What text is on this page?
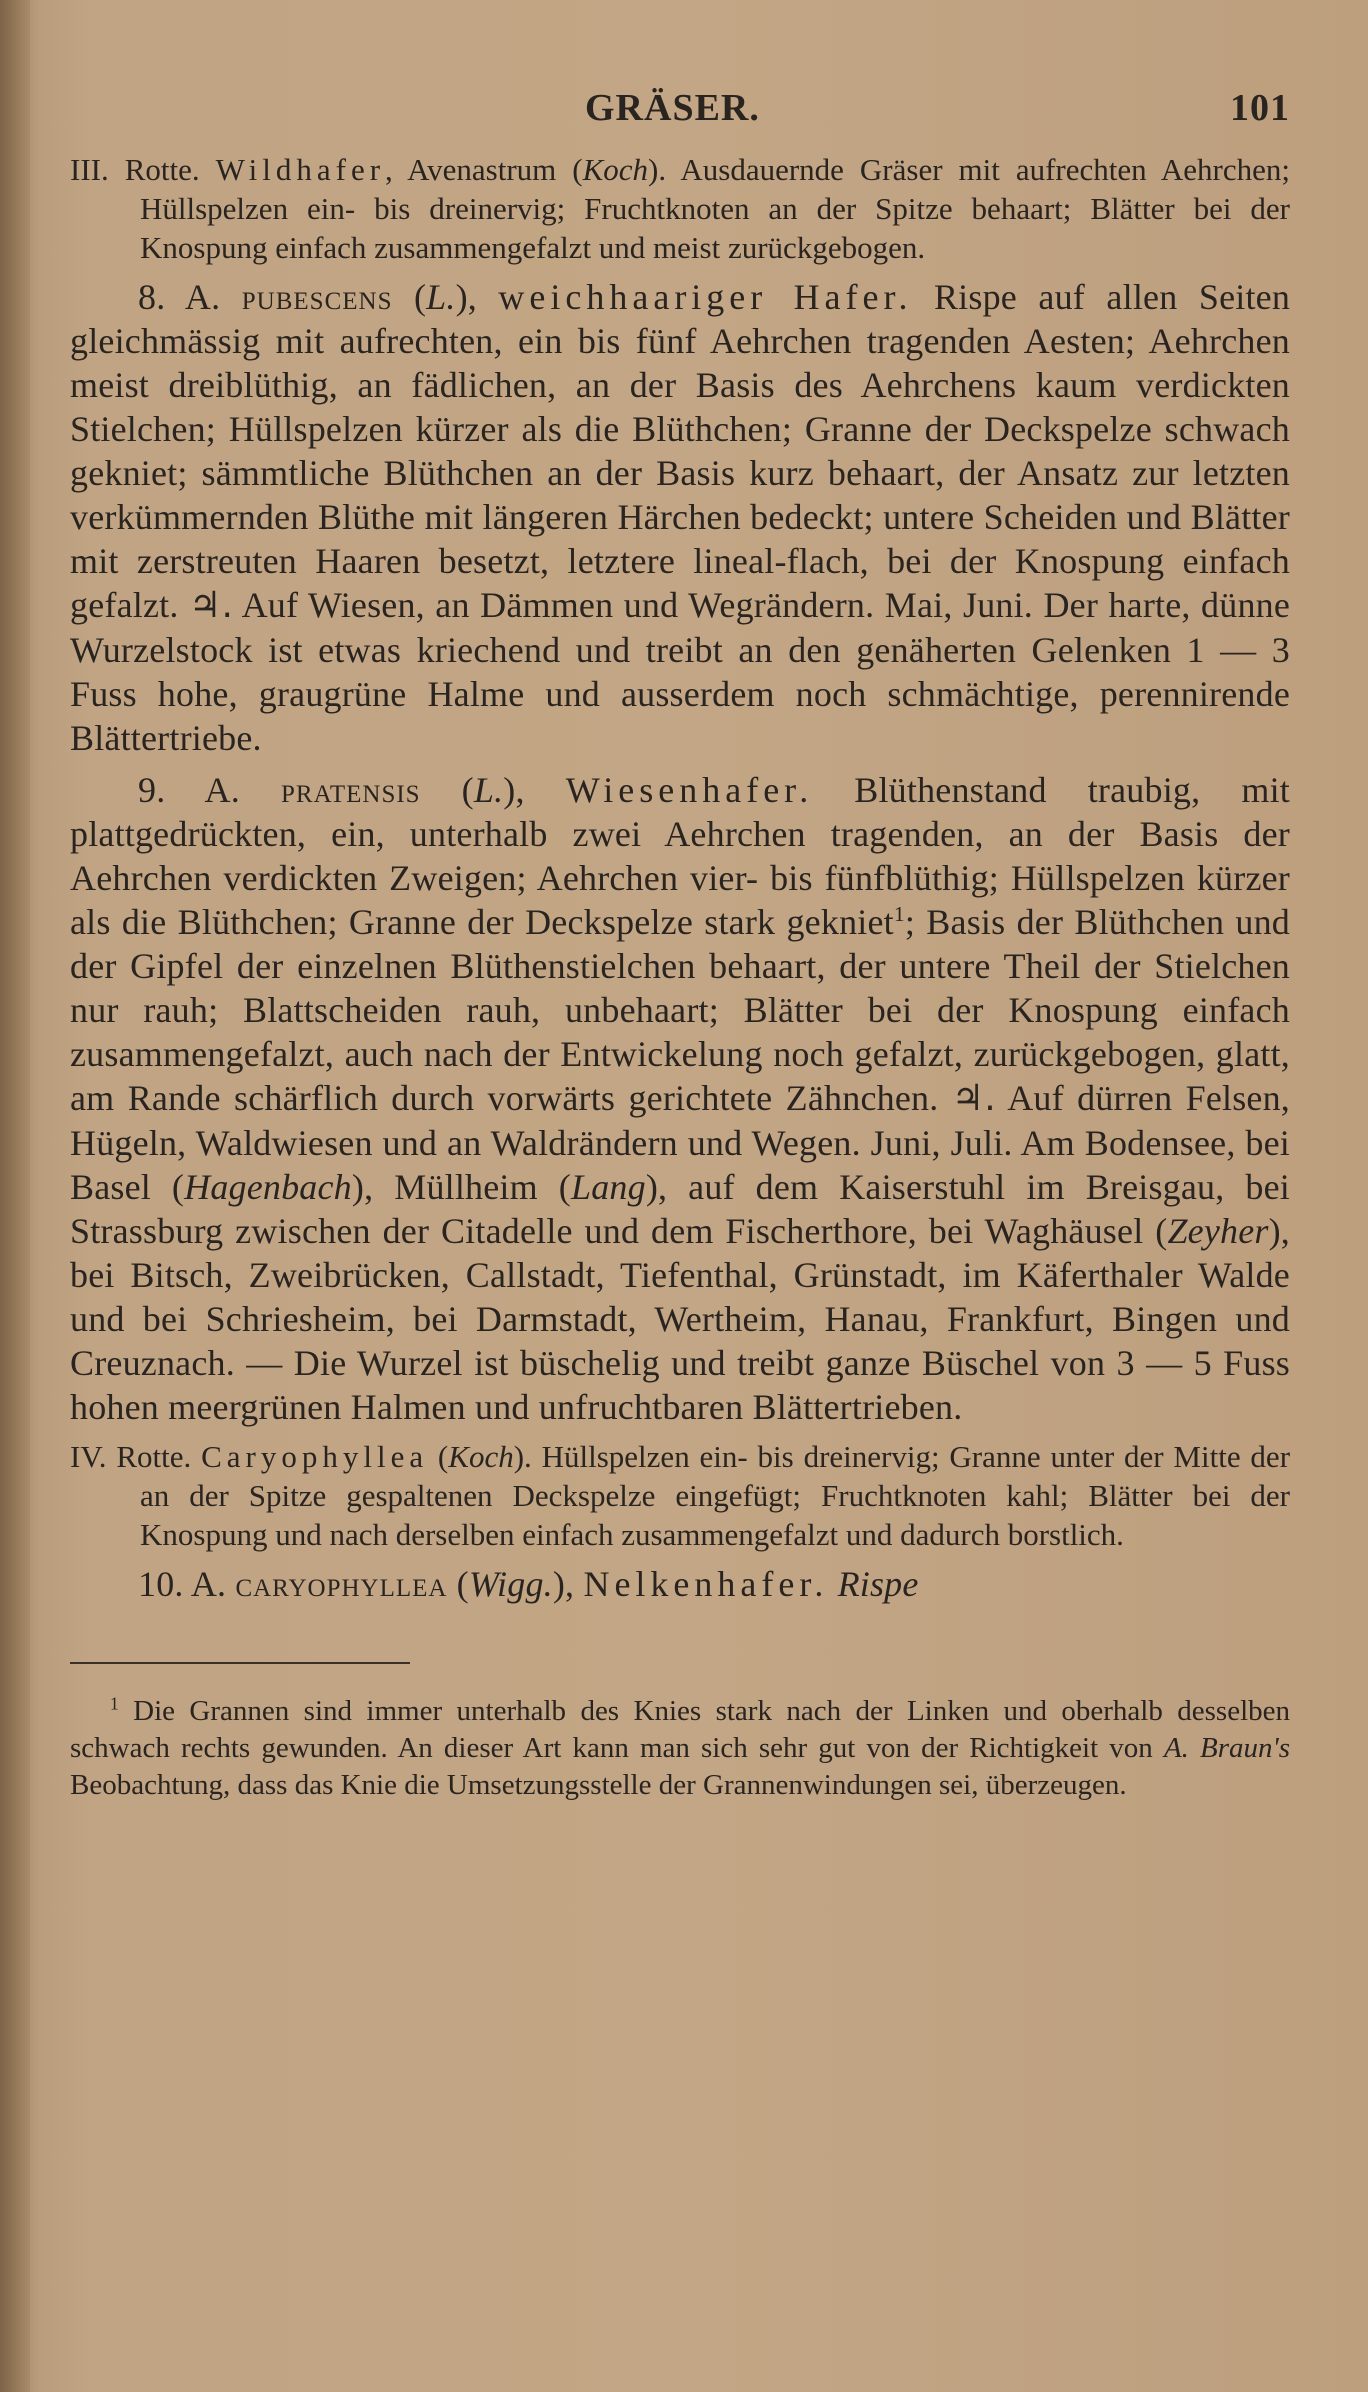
GRÄSER.	101

III. Rotte. Wildhafer, Avenastrum (Koch). Ausdauernde Gräser mit aufrechten Aehrchen; Hüllspelzen ein- bis dreinervig; Fruchtknoten an der Spitze behaart; Blätter bei der Knospung einfach zusammengefalzt und meist zurückgebogen.

8. A. pubescens (L.), weichhaariger Hafer. Rispe auf allen Seiten gleichmässig mit aufrechten, ein bis fünf Aehrchen tragenden Aesten; Aehrchen meist dreiblüthig, an fädlichen, an der Basis des Aehrchens kaum verdickten Stielchen; Hüllspelzen kürzer als die Blüthchen; Granne der Deckspelze schwach gekniet; sämmtliche Blüthchen an der Basis kurz behaart, der Ansatz zur letzten verkümmernden Blüthe mit längeren Härchen bedeckt; untere Scheiden und Blätter mit zerstreuten Haaren besetzt, letztere lineal-flach, bei der Knospung einfach gefalzt. ♃. Auf Wiesen, an Dämmen und Wegrändern. Mai, Juni. Der harte, dünne Wurzelstock ist etwas kriechend und treibt an den genäherten Gelenken 1 — 3 Fuss hohe, graugrüne Halme und ausserdem noch schmächtige, perennirende Blättertriebe.

9. A. pratensis (L.), Wiesenhafer. Blüthenstand traubig, mit plattgedrückten, ein, unterhalb zwei Aehrchen tragenden, an der Basis der Aehrchen verdickten Zweigen; Aehrchen vier- bis fünfblüthig; Hüllspelzen kürzer als die Blüthchen; Granne der Deckspelze stark gekniet$^1$; Basis der Blüthchen und der Gipfel der einzelnen Blüthenstielchen behaart, der untere Theil der Stielchen nur rauh; Blattscheiden rauh, unbehaart; Blätter bei der Knospung einfach zusammengefalzt, auch nach der Entwickelung noch gefalzt, zurückgebogen, glatt, am Rande schärflich durch vorwärts gerichtete Zähnchen. ♃. Auf dürren Felsen, Hügeln, Waldwiesen und an Waldrändern und Wegen. Juni, Juli. Am Bodensee, bei Basel (Hagenbach), Müllheim (Lang), auf dem Kaiserstuhl im Breisgau, bei Strassburg zwischen der Citadelle und dem Fischerthore, bei Waghäusel (Zeyher), bei Bitsch, Zweibrücken, Callstadt, Tiefenthal, Grünstadt, im Käferthaler Walde und bei Schriesheim, bei Darmstadt, Wertheim, Hanau, Frankfurt, Bingen und Creuznach. — Die Wurzel ist büschelig und treibt ganze Büschel von 3 — 5 Fuss hohen meergrünen Halmen und unfruchtbaren Blättertrieben.

IV. Rotte. Caryophyllea (Koch). Hüllspelzen ein- bis dreinervig; Granne unter der Mitte der an der Spitze gespaltenen Deckspelze eingefügt; Fruchtknoten kahl; Blätter bei der Knospung und nach derselben einfach zusammengefalzt und dadurch borstlich.

10. A. caryophyllea (Wigg.), Nelkenhafer. Rispe

$^1$ Die Grannen sind immer unterhalb des Knies stark nach der Linken und oberhalb desselben schwach rechts gewunden. An dieser Art kann man sich sehr gut von der Richtigkeit von A. Braun's Beobachtung, dass das Knie die Umsetzungsstelle der Grannenwindungen sei, überzeugen.
